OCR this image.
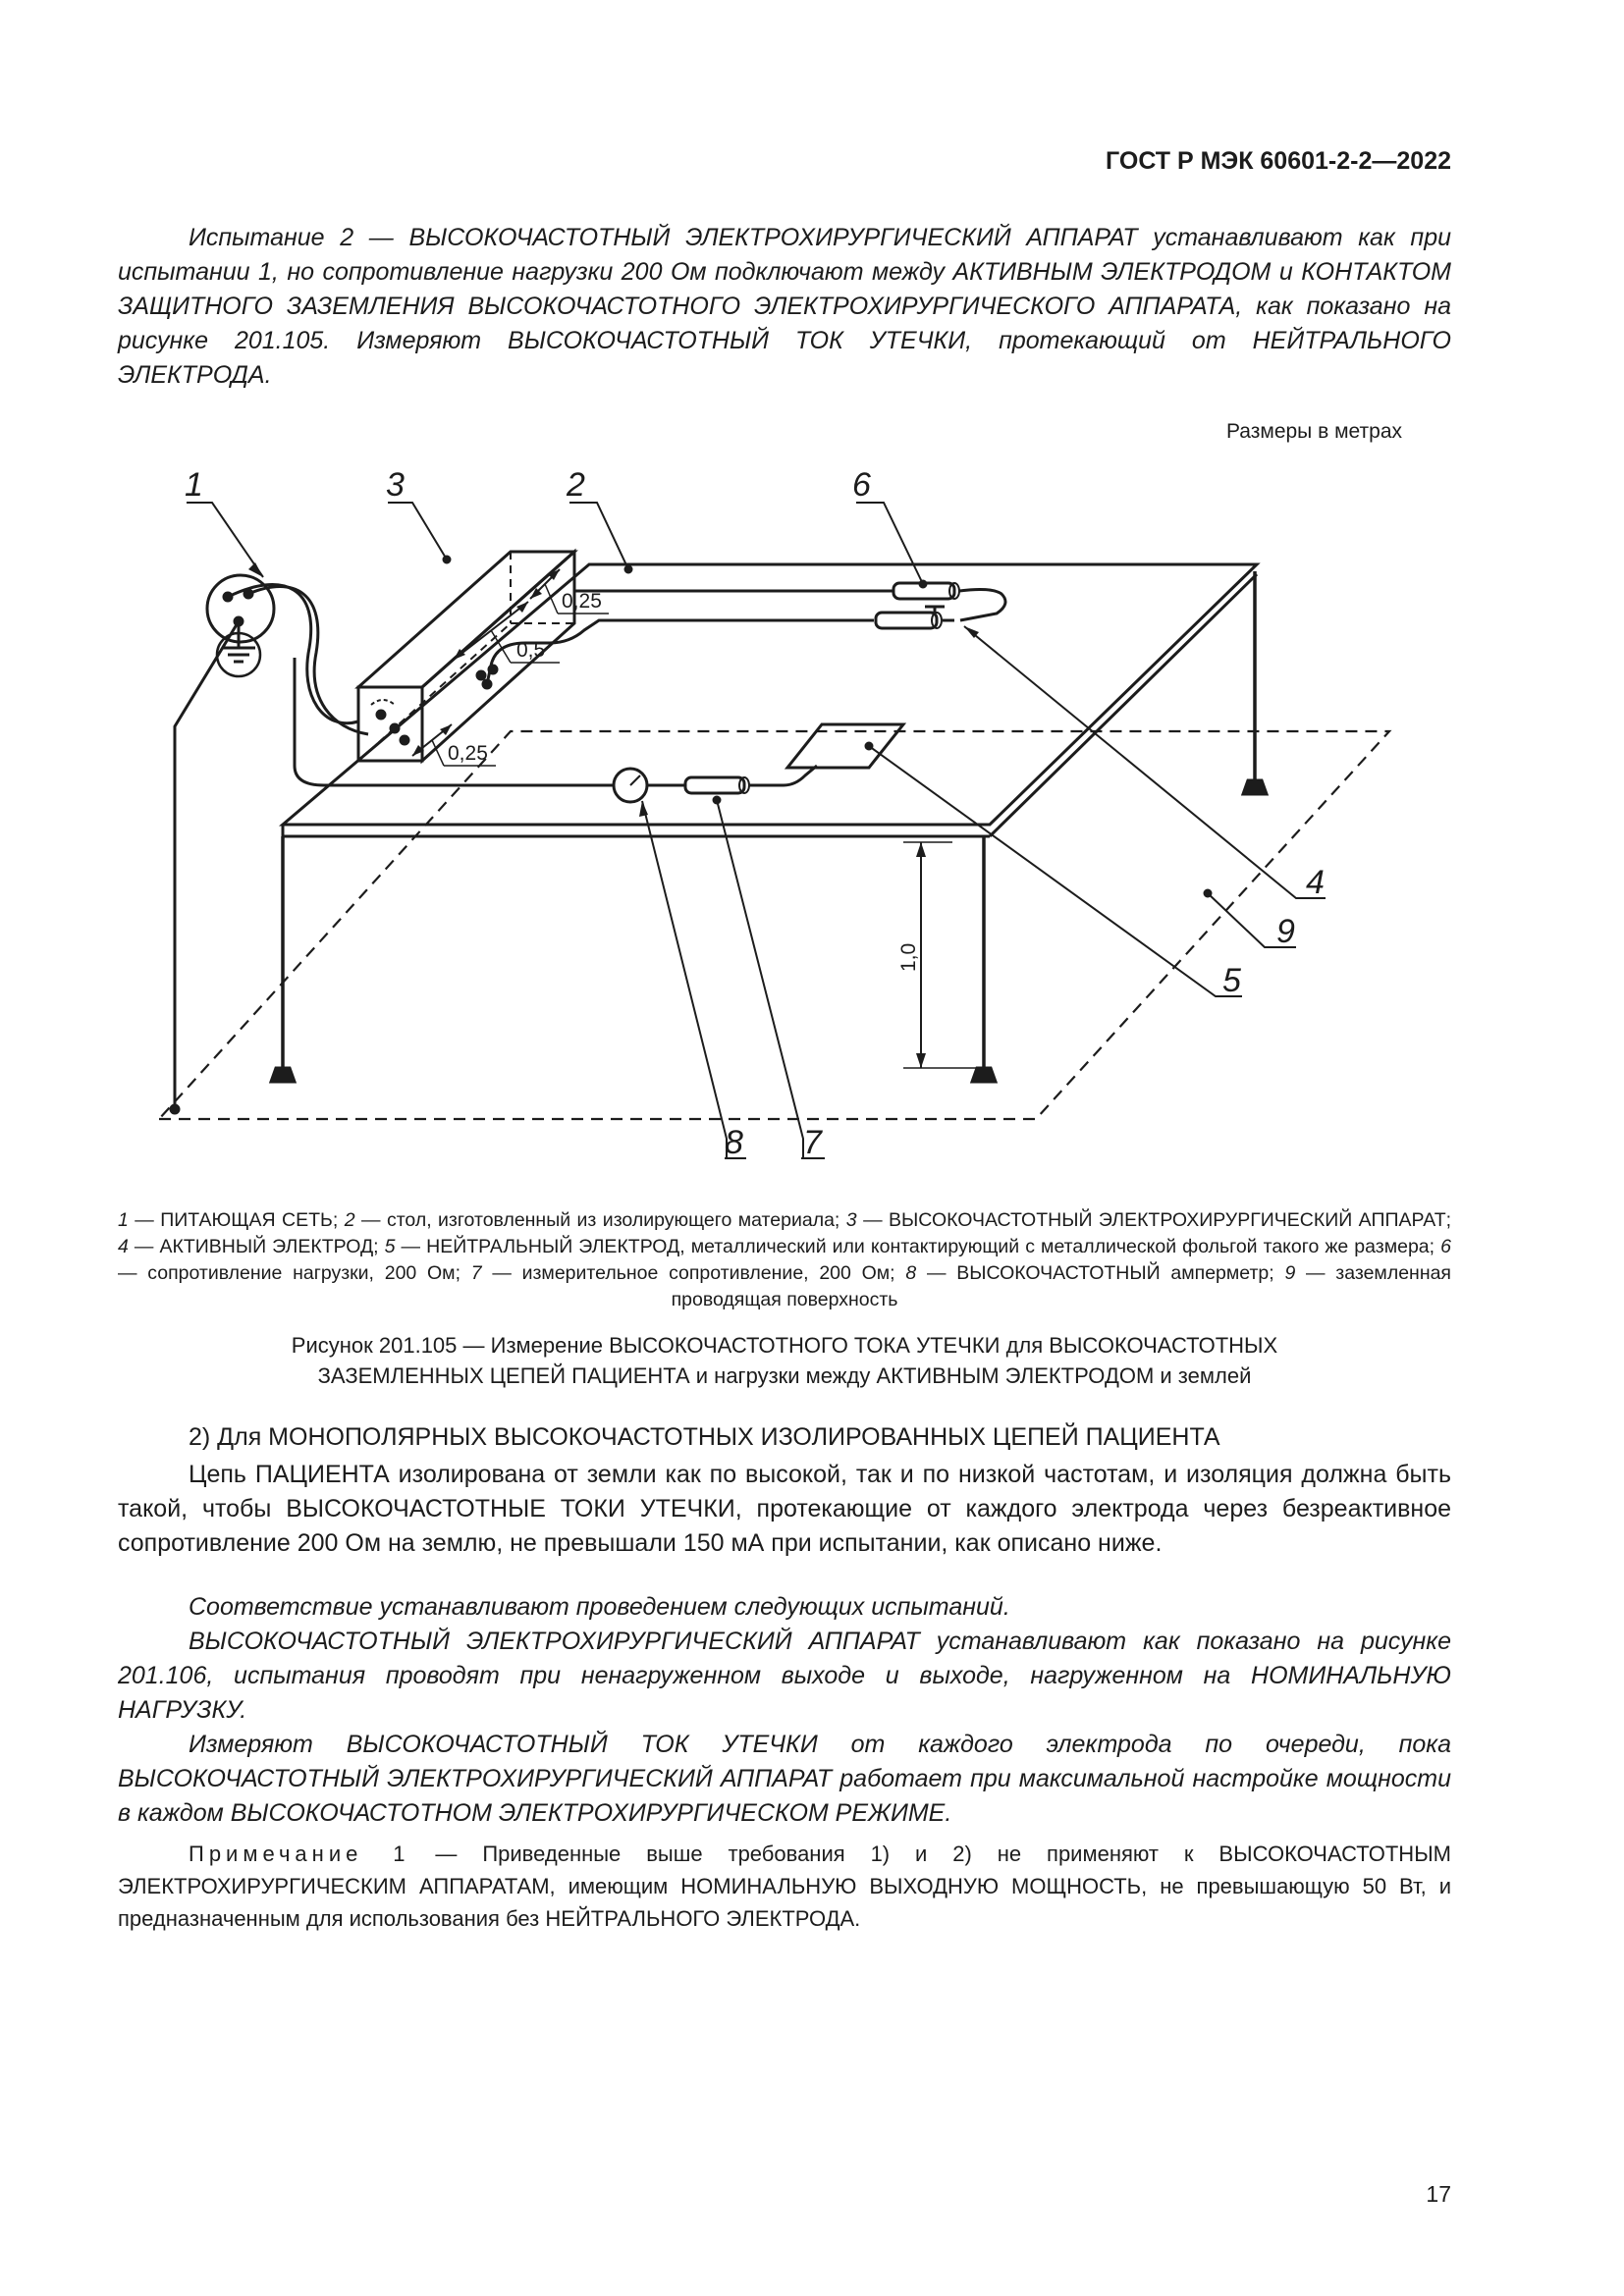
ГОСТ Р МЭК 60601-2-2—2022
Испытание 2 — ВЫСОКОЧАСТОТНЫЙ ЭЛЕКТРОХИРУРГИЧЕСКИЙ АППАРАТ устанавливают как при испытании 1, но сопротивление нагрузки 200 Ом подключают между АКТИВНЫМ ЭЛЕКТРОДОМ и КОНТАКТОМ ЗАЩИТНОГО ЗАЗЕМЛЕНИЯ ВЫСОКОЧАСТОТНОГО ЭЛЕКТРОХИРУРГИЧЕСКОГО АППАРАТА, как показано на рисунке 201.105. Измеряют ВЫСОКОЧАСТОТНЫЙ ТОК УТЕЧКИ, протекающий от НЕЙТРАЛЬНОГО ЭЛЕКТРОДА.
Размеры в метрах
1,0
0,25
0,5
0,25
1	3	2	6
4
9
5
8 7
1 — ПИТАЮЩАЯ СЕТЬ; 2 — стол, изготовленный из изолирующего материала; 3 — ВЫСОКОЧАСТОТНЫЙ ЭЛЕКТРОХИРУРГИЧЕСКИЙ АППАРАТ; 4 — АКТИВНЫЙ ЭЛЕКТРОД; 5 — НЕЙТРАЛЬНЫЙ ЭЛЕКТРОД, металлический или контактирующий с металлической фольгой такого же размера; 6 — сопротивление нагрузки, 200 Ом; 7 — измерительное сопротивление, 200 Ом; 8 — ВЫСОКОЧАСТОТНЫЙ амперметр; 9 — заземленная проводящая поверхность
Рисунок 201.105 — Измерение ВЫСОКОЧАСТОТНОГО ТОКА УТЕЧКИ для ВЫСОКОЧАСТОТНЫХ
ЗАЗЕМЛЕННЫХ ЦЕПЕЙ ПАЦИЕНТА и нагрузки между АКТИВНЫМ ЭЛЕКТРОДОМ и землей
2) Для МОНОПОЛЯРНЫХ ВЫСОКОЧАСТОТНЫХ ИЗОЛИРОВАННЫХ ЦЕПЕЙ ПАЦИЕНТА
Цепь ПАЦИЕНТА изолирована от земли как по высокой, так и по низкой частотам, и изоляция должна быть такой, чтобы ВЫСОКОЧАСТОТНЫЕ ТОКИ УТЕЧКИ, протекающие от каждого электрода через безреактивное сопротивление 200 Ом на землю, не превышали 150 мА при испытании, как описано ниже.
Соответствие устанавливают проведением следующих испытаний.
ВЫСОКОЧАСТОТНЫЙ ЭЛЕКТРОХИРУРГИЧЕСКИЙ АППАРАТ устанавливают как показано на рисунке 201.106, испытания проводят при ненагруженном выходе и выходе, нагруженном на НОМИНАЛЬНУЮ НАГРУЗКУ.
Измеряют ВЫСОКОЧАСТОТНЫЙ ТОК УТЕЧКИ от каждого электрода по очереди, пока ВЫСОКОЧАСТОТНЫЙ ЭЛЕКТРОХИРУРГИЧЕСКИЙ АППАРАТ работает при максимальной настройке мощности в каждом ВЫСОКОЧАСТОТНОМ ЭЛЕКТРОХИРУРГИЧЕСКОМ РЕЖИМЕ.
Примечание 1 — Приведенные выше требования 1) и 2) не применяют к ВЫСОКОЧАСТОТНЫМ ЭЛЕКТРОХИРУРГИЧЕСКИМ АППАРАТАМ, имеющим НОМИНАЛЬНУЮ ВЫХОДНУЮ МОЩНОСТЬ, не превышающую 50 Вт, и предназначенным для использования без НЕЙТРАЛЬНОГО ЭЛЕКТРОДА.
17
